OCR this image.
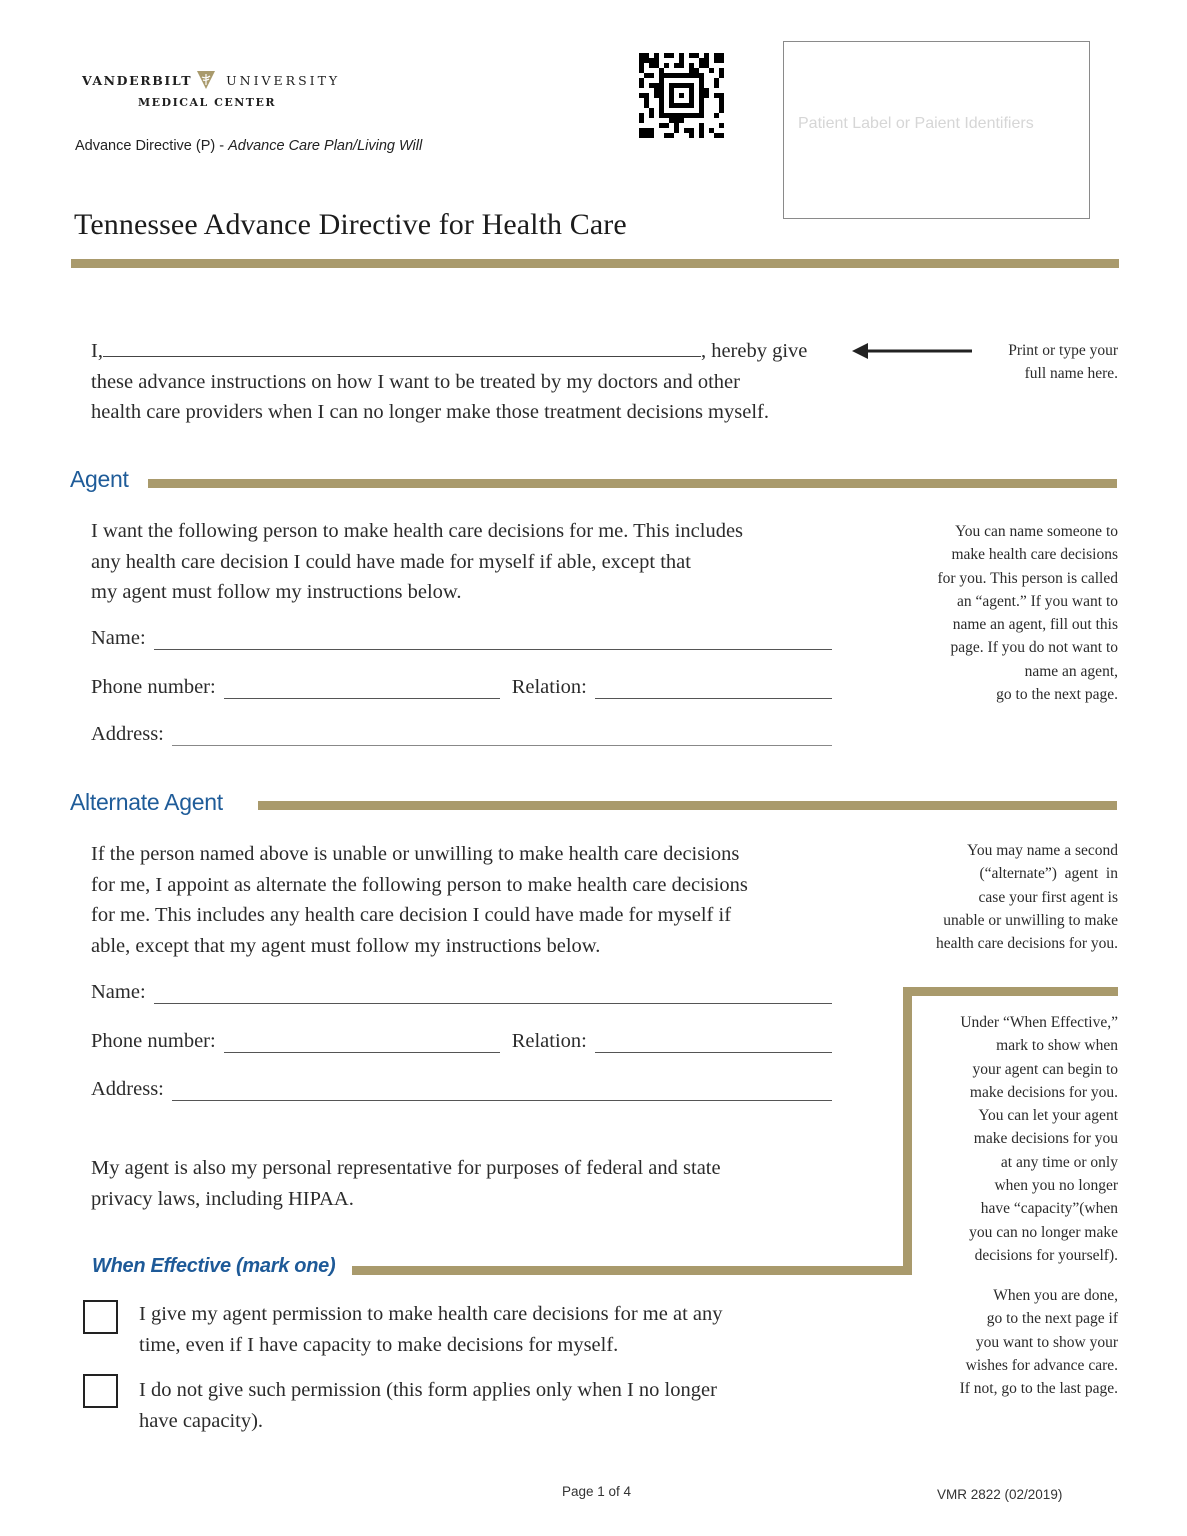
VANDERBILT	UNIVERSITY
MEDICAL CENTER
Advance Directive (P) - Advance Care Plan/Living Will
Patient Label or Paient Identifiers
Tennessee Advance Directive for Health Care
I,	, hereby give
these advance instructions on how I want to be treated by my doctors and other
health care providers when I can no longer make those treatment decisions myself.
Print or type your
full name here.
Agent
I want the following person to make health care decisions for me. This includes
any health care decision I could have made for myself if able, except that
my agent must follow my instructions below.
Name:
Phone number:	Relation:
Address:
You can name someone to
make health care decisions
for you. This person is called
an “agent.” If you want to
name an agent, fill out this
page. If you do not want to
name an agent,
go to the next page.
Alternate Agent
If the person named above is unable or unwilling to make health care decisions
for me, I appoint as alternate the following person to make health care decisions
for me. This includes any health care decision I could have made for myself if
able, except that my agent must follow my instructions below.
Name:
Phone number:	Relation:
Address:
You may name a second
(“alternate”)  agent  in
case your first agent is
unable or unwilling to make
health care decisions for you.
My agent is also my personal representative for purposes of federal and state
privacy laws, including HIPAA.
When Effective (mark one)
Under “When Effective,”
mark to show when
your agent can begin to
make decisions for you.
You can let your agent
make decisions for you
at any time or only
when you no longer
have “capacity”(when
you can no longer make
decisions for yourself).
When you are done,
go to the next page if
you want to show your
wishes for advance care.
If not, go to the last page.
I give my agent permission to make health care decisions for me at any
time, even if I have capacity to make decisions for myself.
I do not give such permission (this form applies only when I no longer
have capacity).
Page 1 of 4	VMR 2822 (02/2019)
